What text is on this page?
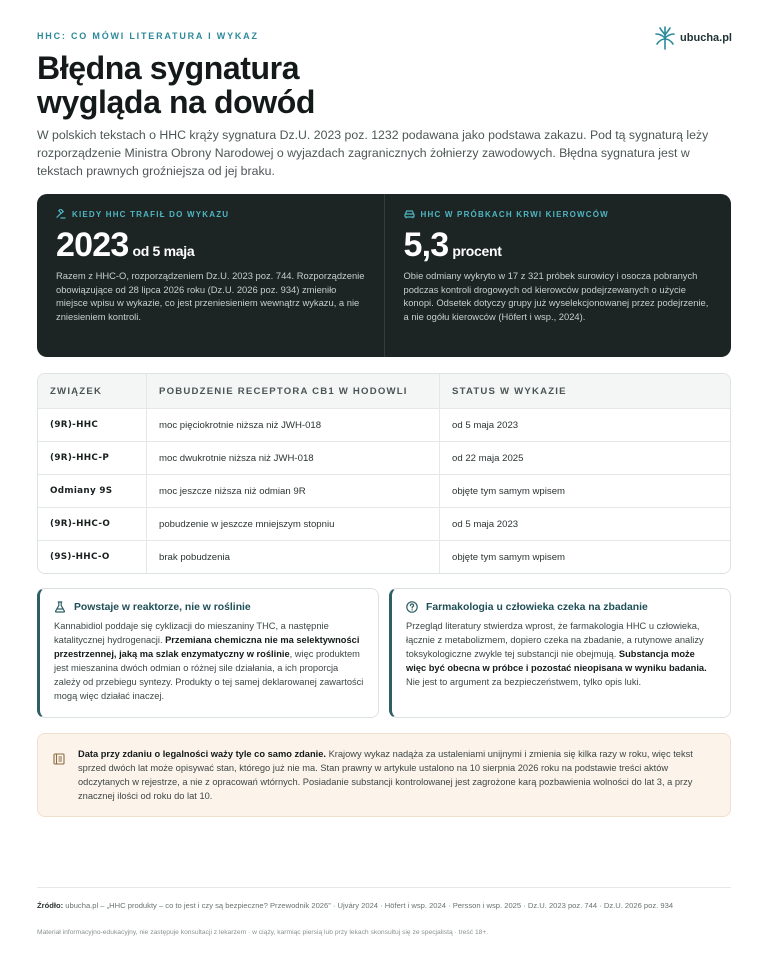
HHC: CO MÓWI LITERATURA I WYKAZ	ubucha.pl
Błędna sygnatura
wygląda na dowód

W polskich tekstach o HHC krąży sygnatura Dz.U. 2023 poz. 1232 podawana jako podstawa zakazu. Pod tą sygnaturą leży rozporządzenie Ministra Obrony Narodowej o wyjazdach zagranicznych żołnierzy zawodowych. Błędna sygnatura jest w tekstach prawnych groźniejsza od jej braku.

KIEDY HHC TRAFIŁ DO WYKAZU
2023 od 5 maja

Razem z HHC-O, rozporządzeniem Dz.U. 2023 poz. 744. Rozporządzenie obowiązujące od 28 lipca 2026 roku (Dz.U. 2026 poz. 934) zmieniło miejsce wpisu w wykazie, co jest przeniesieniem wewnątrz wykazu, a nie zniesieniem kontroli.

HHC W PRÓBKACH KRWI KIEROWCÓW
5,3 procent

Obie odmiany wykryto w 17 z 321 próbek surowicy i osocza pobranych podczas kontroli drogowych od kierowców podejrzewanych o użycie konopi. Odsetek dotyczy grupy już wyselekcjonowanej przez podejrzenie, a nie ogółu kierowców (Höfert i wsp., 2024).

ZWIĄZEK	POBUDZENIE RECEPTORA CB1 W HODOWLI	STATUS W WYKAZIE
(9R)-HHC	moc pięciokrotnie niższa niż JWH-018	od 5 maja 2023
(9R)-HHC-P	moc dwukrotnie niższa niż JWH-018	od 22 maja 2025
Odmiany 9S	moc jeszcze niższa niż odmian 9R	objęte tym samym wpisem
(9R)-HHC-O	pobudzenie w jeszcze mniejszym stopniu	od 5 maja 2023
(9S)-HHC-O	brak pobudzenia	objęte tym samym wpisem
Powstaje w reaktorze, nie w roślinie

Kannabidiol poddaje się cyklizacji do mieszaniny THC, a następnie katalitycznej hydrogenacji. Przemiana chemiczna nie ma selektywności przestrzennej, jaką ma szlak enzymatyczny w roślinie, więc produktem jest mieszanina dwóch odmian o różnej sile działania, a ich proporcja zależy od przebiegu syntezy. Produkty o tej samej deklarowanej zawartości mogą więc działać inaczej.

Farmakologia u człowieka czeka na zbadanie

Przegląd literatury stwierdza wprost, że farmakologia HHC u człowieka, łącznie z metabolizmem, dopiero czeka na zbadanie, a rutynowe analizy toksykologiczne zwykle tej substancji nie obejmują. Substancja może więc być obecna w próbce i pozostać nieopisana w wyniku badania. Nie jest to argument za bezpieczeństwem, tylko opis luki.

Data przy zdaniu o legalności waży tyle co samo zdanie. Krajowy wykaz nadąża za ustaleniami unijnymi i zmienia się kilka razy w roku, więc tekst sprzed dwóch lat może opisywać stan, którego już nie ma. Stan prawny w artykule ustalono na 10 sierpnia 2026 roku na podstawie treści aktów odczytanych w rejestrze, a nie z opracowań wtórnych. Posiadanie substancji kontrolowanej jest zagrożone karą pozbawienia wolności do lat 3, a przy znacznej ilości od roku do lat 10.

Źródło: ubucha.pl – „HHC produkty – co to jest i czy są bezpieczne? Przewodnik 2026” · Ujváry 2024 · Höfert i wsp. 2024 · Persson i wsp. 2025 · Dz.U. 2023 poz. 744 · Dz.U. 2026 poz. 934

Materiał informacyjno-edukacyjny, nie zastępuje konsultacji z lekarzem · w ciąży, karmiąc piersią lub przy lekach skonsultuj się ze specjalistą · treść 18+.
